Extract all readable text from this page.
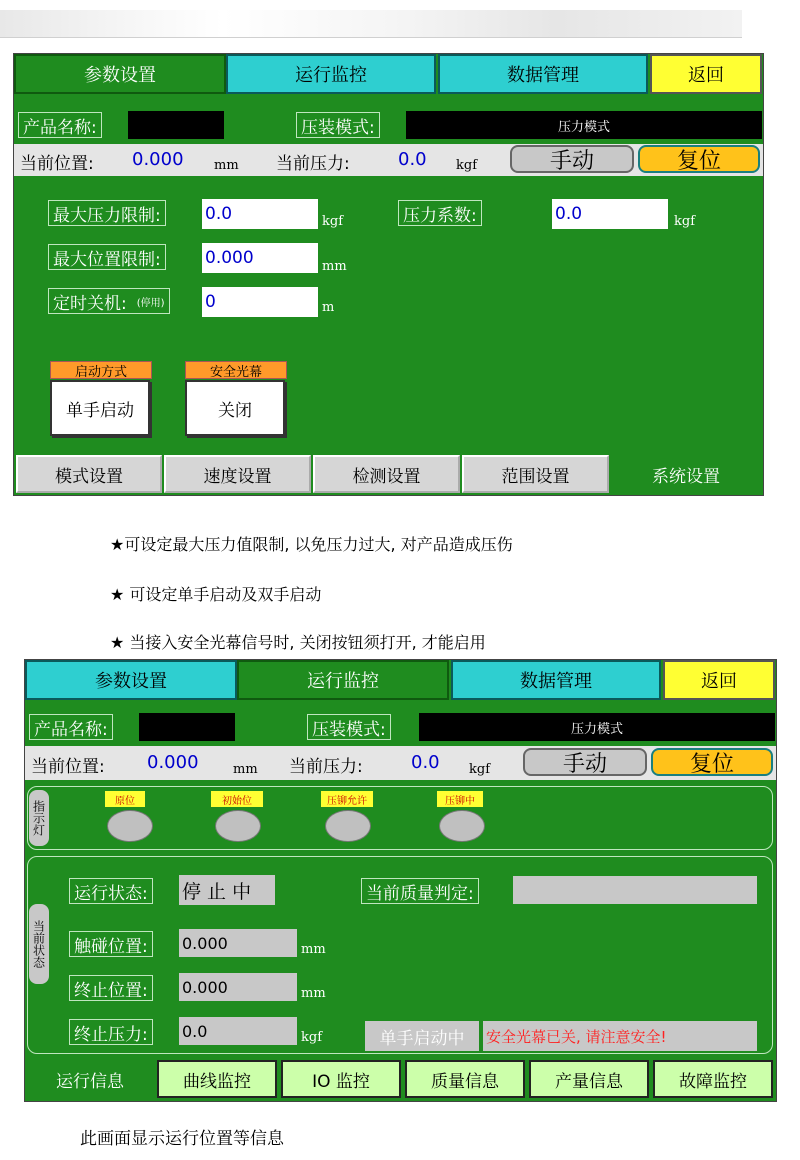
参数设置	运行监控	数据管理	返回
产品名称:	压装模式:	压力模式
当前位置: 0.000 mm 当前压力:	0.0 kgf	手动	复位
最大压力限制:	0.0	kgf	压力系数:	0.0	kgf
最大位置限制:	0.000	mm
定时关机: (停用) 0	m
启动方式
单手启动
安全光幕
关闭
模式设置	速度设置	检测设置	范围设置	系统设置
★可设定最大压力值限制, 以免压力过大, 对产品造成压伤
★ 可设定单手启动及双手启动
★ 当接入安全光幕信号时, 关闭按钮须打开, 才能启用
参数设置	运行监控	数据管理	返回
产品名称:	压装模式:	压力模式
当前位置: 0.000	mm 当前压力:	0.0 kgf	手动	复位
指示灯	原位	初始位	压铆允许	压铆中
当前状态
运行状态: 停 止 中	当前质量判定:
触碰位置:	0.000	mm
终止位置:	0.000	mm
终止压力:	0.0	kgf	单手启动中	安全光幕已关, 请注意安全!
运行信息	曲线监控	IO 监控	质量信息	产量信息	故障监控
此画面显示运行位置等信息
